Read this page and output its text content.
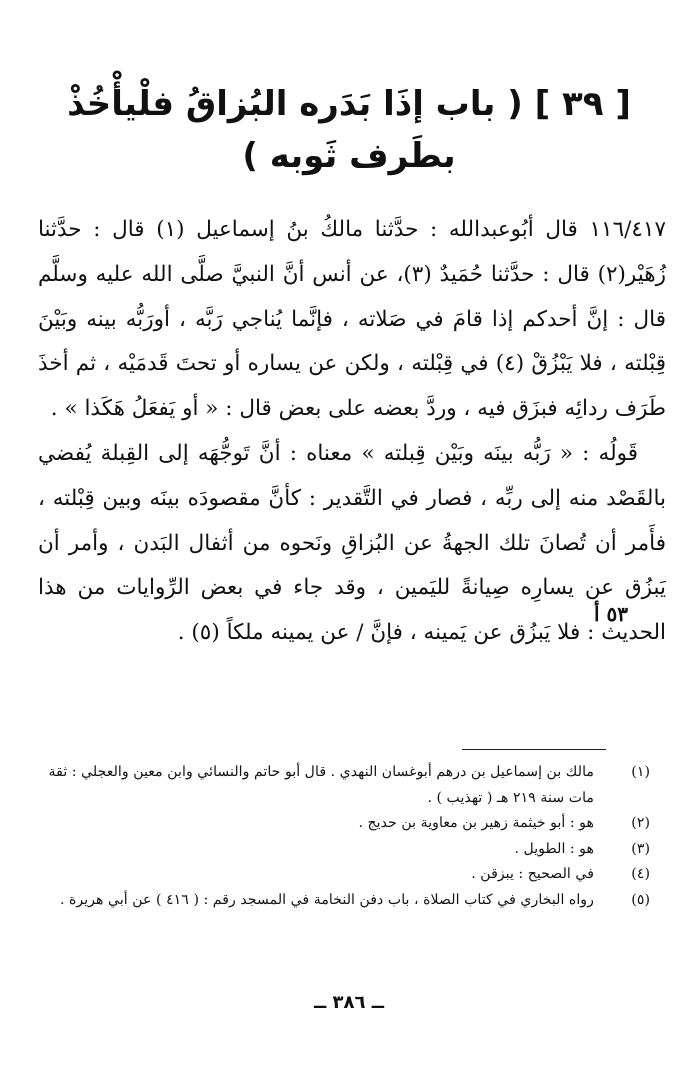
[ ٣٩ ] ( باب إذَا بَدَره البُزاقُ فلْيأْخُذْ بطَرف ثَوبه )

١١٦/٤١٧ قال أبُوعبدالله : حدَّثنا مالكُ بنُ إسماعيل (١) قال : حدَّثنا زُهَيْر(٢) قال : حدَّثنا حُمَيدٌ (٣)، عن أنس أنَّ النبيَّ صلَّى الله عليه وسلَّم قال : إنَّ أحدكم إذا قامَ في صَلاته ، فإنَّما يُناجي رَبَّه ، أورَبُّه بينه وبَيْنَ قِبْلته ، فلا يَبْزُقْ (٤) في قِبْلته ، ولكن عن يساره أو تحتَ قَدمَيْه ، ثم أخذَ طَرَف ردائِه فبزَق فيه ، وردَّ بعضه على بعض قال : « أو يَفعَلُ هَكَذا » .

قَولُه : « رَبُّه بينَه وبَيْن قِبلته » معناه : أنَّ تَوجُّهَه إلى القِبلة يُفضي بالقَصْد منه إلى ربِّه ، فصار في التَّقدير : كأنَّ مقصودَه بينَه وبين قِبْلته ، فأَمر أن تُصانَ تلك الجهةُ عن البُزاقِ ونَحوه من أثفال البَدن ، وأمر أن يَبزُق عن يسارِه صِيانةً لليَمين ، وقد جاء في بعض الرِّوايات من هذا الحديث : فلا يَبزُق عن يَمينه ، فإنَّ / عن يمينه ملكاً (٥) .

٥٣ أ
(١)
مالك بن إسماعيل بن درهم أبوغسان النهدي . قال أبو حاتم والنسائي وابن معين والعجلي : ثقة مات سنة ٢١٩ هـ ( تهذيب ) .
(٢)
هو : أبو خيثمة زهير بن معاوية بن حديج .
(٣)
هو : الطويل .
(٤)
في الصحيح : يبزقن .
(٥)
رواه البخاري في كتاب الصلاة ، باب دفن النخامة في المسجد رقم : ( ٤١٦ ) عن أبي هريرة .
ــ ٣٨٦ ــ
